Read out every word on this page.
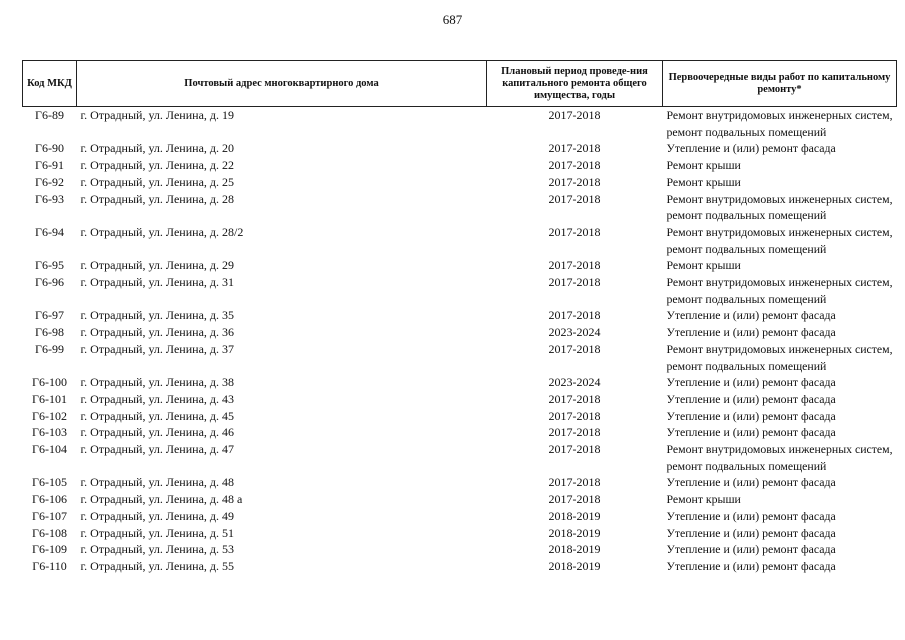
687
Код МКД	Почтовый адрес многоквартирного дома	Плановый период проведе-ния капитального ремонта общего имущества, годы	Первоочередные виды работ по капитальному ремонту*
Г6-89	г. Отрадный, ул. Ленина, д. 19	2017-2018	Ремонт внутридомовых инженерных систем, ремонт подвальных помещений
Г6-90	г. Отрадный, ул. Ленина, д. 20	2017-2018	Утепление и (или) ремонт фасада
Г6-91	г. Отрадный, ул. Ленина, д. 22	2017-2018	Ремонт крыши
Г6-92	г. Отрадный, ул. Ленина, д. 25	2017-2018	Ремонт крыши
Г6-93	г. Отрадный, ул. Ленина, д. 28	2017-2018	Ремонт внутридомовых инженерных систем, ремонт подвальных помещений
Г6-94	г. Отрадный, ул. Ленина, д. 28/2	2017-2018	Ремонт внутридомовых инженерных систем, ремонт подвальных помещений
Г6-95	г. Отрадный, ул. Ленина, д. 29	2017-2018	Ремонт крыши
Г6-96	г. Отрадный, ул. Ленина, д. 31	2017-2018	Ремонт внутридомовых инженерных систем, ремонт подвальных помещений
Г6-97	г. Отрадный, ул. Ленина, д. 35	2017-2018	Утепление и (или) ремонт фасада
Г6-98	г. Отрадный, ул. Ленина, д. 36	2023-2024	Утепление и (или) ремонт фасада
Г6-99	г. Отрадный, ул. Ленина, д. 37	2017-2018	Ремонт внутридомовых инженерных систем, ремонт подвальных помещений
Г6-100	г. Отрадный, ул. Ленина, д. 38	2023-2024	Утепление и (или) ремонт фасада
Г6-101	г. Отрадный, ул. Ленина, д. 43	2017-2018	Утепление и (или) ремонт фасада
Г6-102	г. Отрадный, ул. Ленина, д. 45	2017-2018	Утепление и (или) ремонт фасада
Г6-103	г. Отрадный, ул. Ленина, д. 46	2017-2018	Утепление и (или) ремонт фасада
Г6-104	г. Отрадный, ул. Ленина, д. 47	2017-2018	Ремонт внутридомовых инженерных систем, ремонт подвальных помещений
Г6-105	г. Отрадный, ул. Ленина, д. 48	2017-2018	Утепление и (или) ремонт фасада
Г6-106	г. Отрадный, ул. Ленина, д. 48 а	2017-2018	Ремонт крыши
Г6-107	г. Отрадный, ул. Ленина, д. 49	2018-2019	Утепление и (или) ремонт фасада
Г6-108	г. Отрадный, ул. Ленина, д. 51	2018-2019	Утепление и (или) ремонт фасада
Г6-109	г. Отрадный, ул. Ленина, д. 53	2018-2019	Утепление и (или) ремонт фасада
Г6-110	г. Отрадный, ул. Ленина, д. 55	2018-2019	Утепление и (или) ремонт фасада
